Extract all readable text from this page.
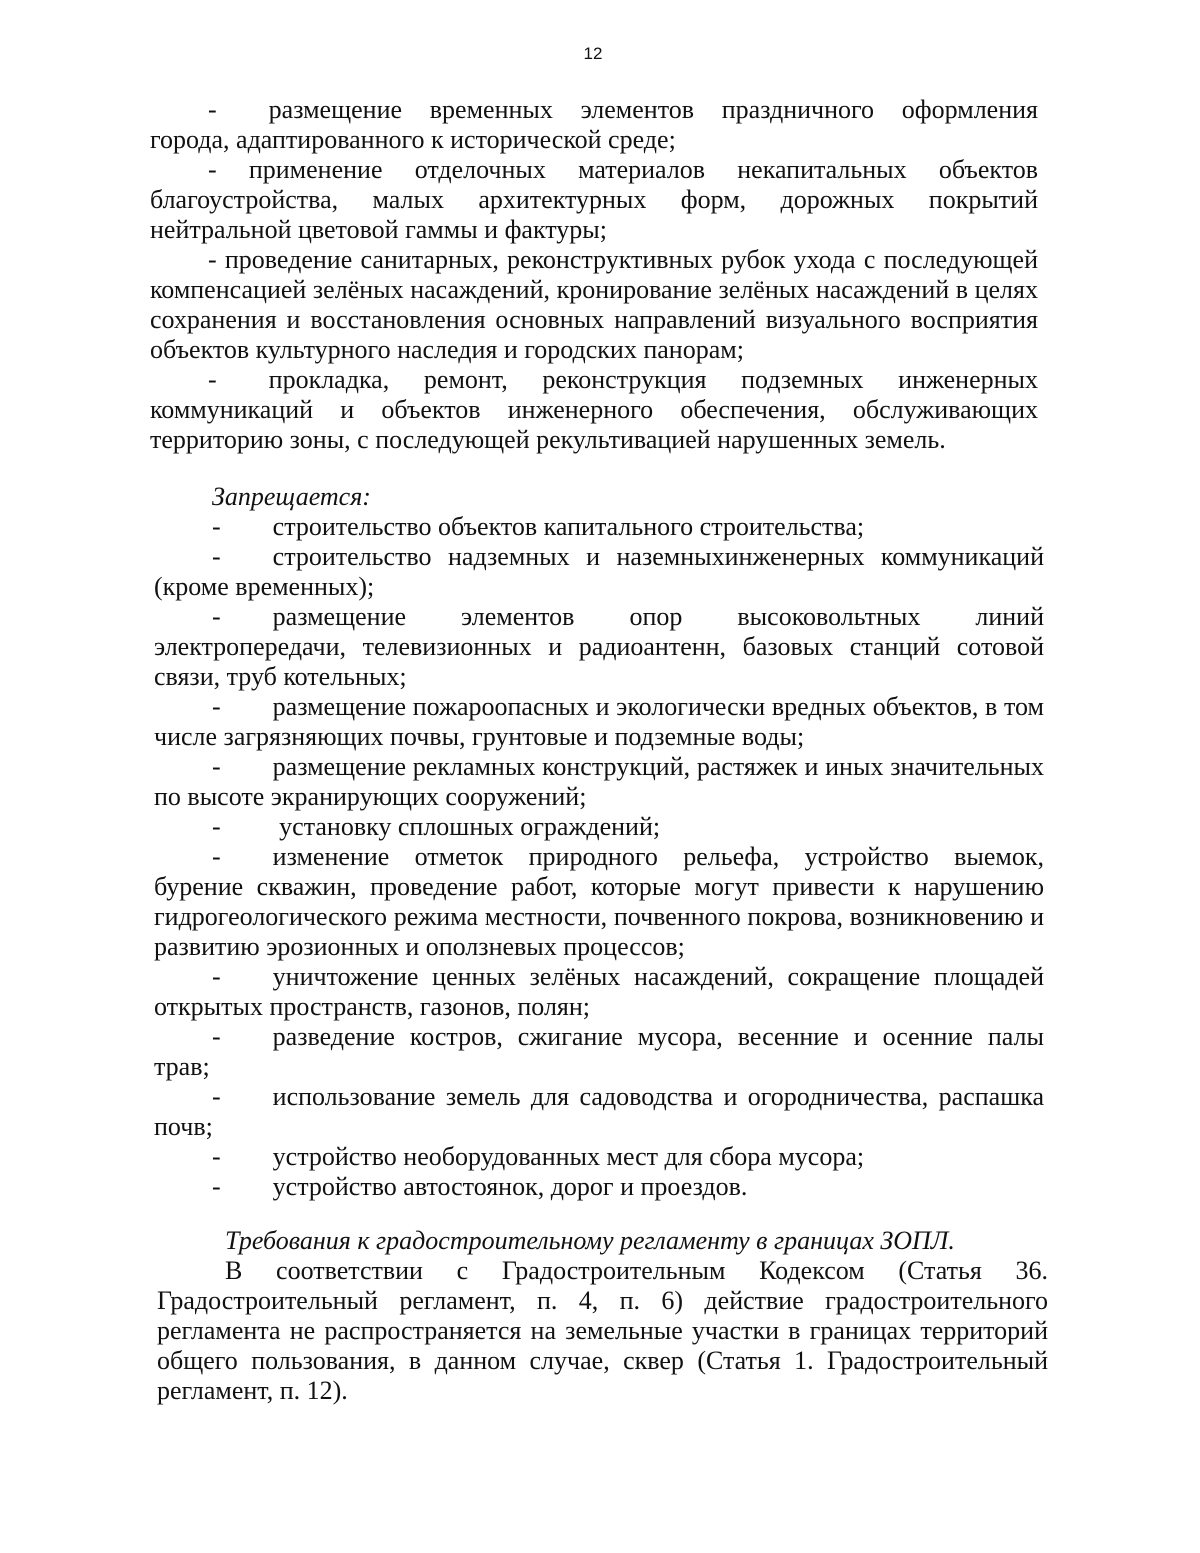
12

-  размещение временных элементов праздничного оформления города, адаптированного к исторической среде;

- применение отделочных материалов некапитальных объектов благоустройства, малых архитектурных форм, дорожных покрытий нейтральной цветовой гаммы и фактуры;

- проведение санитарных, реконструктивных рубок ухода с последующей компенсацией зелёных насаждений, кронирование зелёных насаждений в целях сохранения и восстановления основных направлений визуального восприятия объектов культурного наследия и городских панорам;

-  прокладка, ремонт, реконструкция подземных инженерных коммуникаций и объектов инженерного обеспечения, обслуживающих территорию зоны, с последующей рекультивацией нарушенных земель.

Запрещается:

-  строительство объектов капитального строительства;

-  строительство надземных и наземныхинженерных коммуникаций (кроме временных);

-  размещение элементов опор высоковольтных линий электропередачи, телевизионных и радиоантенн, базовых станций сотовой связи, труб котельных;

-  размещение пожароопасных и экологически вредных объектов, в том числе загрязняющих почвы, грунтовые и подземные воды;

-  размещение рекламных конструкций, растяжек и иных значительных по высоте экранирующих сооружений;

-   установку сплошных ограждений;

-  изменение отметок природного рельефа, устройство выемок, бурение скважин, проведение работ, которые могут привести к нарушению гидрогеологического режима местности, почвенного покрова, возникновению и развитию эрозионных и оползневых процессов;

-  уничтожение ценных зелёных насаждений, сокращение площадей открытых пространств, газонов, полян;

-  разведение костров, сжигание мусора, весенние и осенние палы трав;

-  использование земель для садоводства и огородничества, распашка почв;

-  устройство необорудованных мест для сбора мусора;

-  устройство автостоянок, дорог и проездов.

Требования к градостроительному регламенту в границах ЗОПЛ.

В соответствии с Градостроительным Кодексом (Статья 36. Градостроительный регламент, п. 4, п. 6) действие градостроительного регламента не распространяется на земельные участки в границах территорий общего пользования, в данном случае, сквер (Статья 1. Градостроительный регламент, п. 12).
